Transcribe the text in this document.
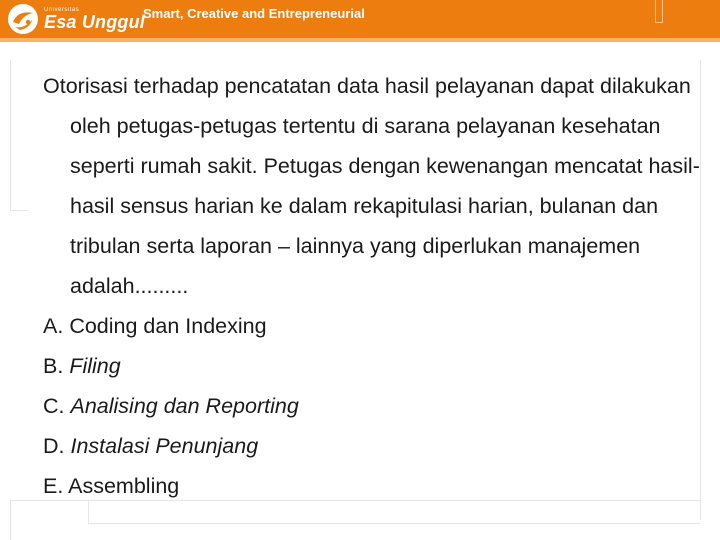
Universitas
Esa Unggul
Smart, Creative and Entrepreneurial

Otorisasi terhadap pencatatan data hasil pelayanan dapat dilakukan oleh petugas-petugas tertentu di sarana pelayanan kesehatan seperti rumah sakit. Petugas dengan kewenangan mencatat hasil-hasil sensus harian ke dalam rekapitulasi harian, bulanan dan tribulan serta laporan – lainnya yang diperlukan manajemen adalah.........

A. Coding dan Indexing

B. Filing

C. Analising dan Reporting

D. Instalasi Penunjang

E. Assembling
